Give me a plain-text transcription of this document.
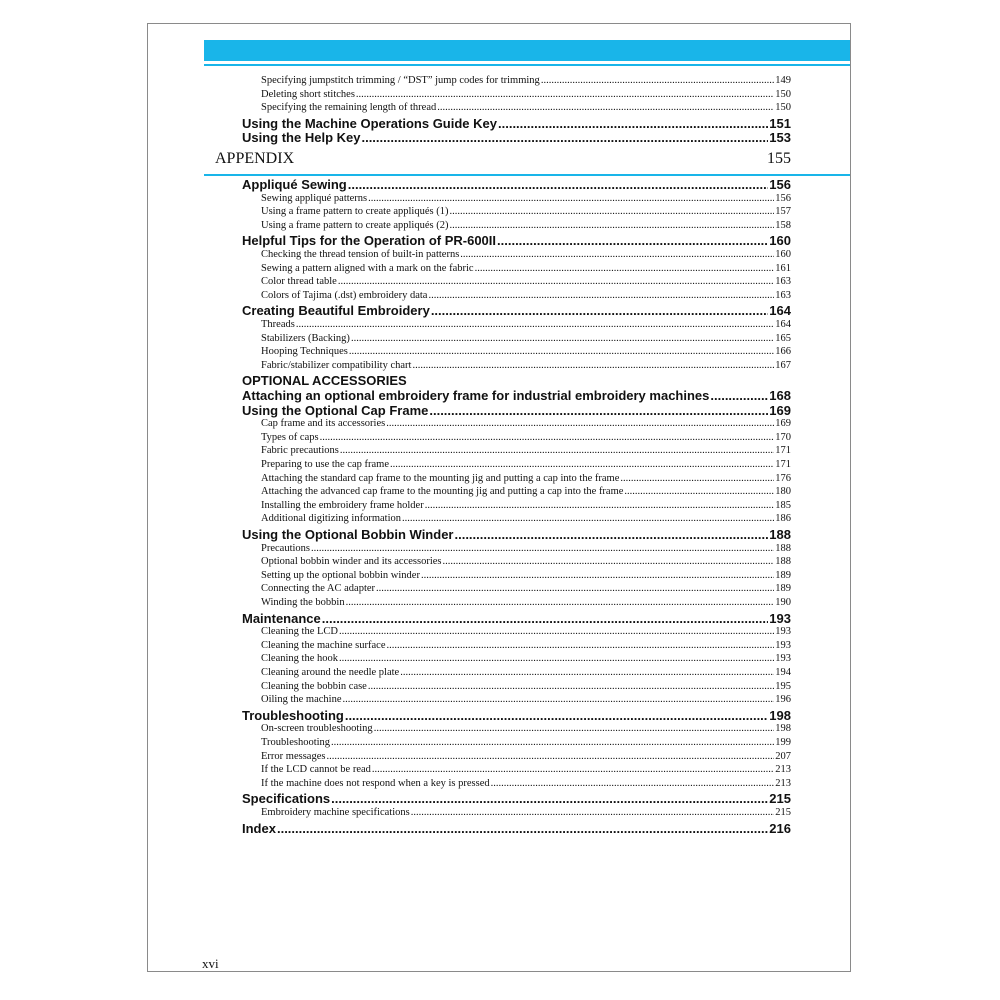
Specifying jumpstitch trimming / “DST” jump codes for trimming .....	149
Deleting short stitches .....	150
Specifying the remaining length of thread .....	150
Using the Machine Operations Guide Key .....	151
Using the Help Key .....	153
APPENDIX	155
Appliqué Sewing .....	156
Sewing appliqué patterns .....	156
Using a frame pattern to create appliqués (1) .....	157
Using a frame pattern to create appliqués (2) .....	158
Helpful Tips for the Operation of PR-600II .....	160
Checking the thread tension of built-in patterns .....	160
Sewing a pattern aligned with a mark on the fabric .....	161
Color thread table .....	163
Colors of Tajima (.dst) embroidery data .....	163
Creating Beautiful Embroidery .....	164
Threads .....	164
Stabilizers (Backing) .....	165
Hooping Techniques .....	166
Fabric/stabilizer compatibility chart .....	167
OPTIONAL ACCESSORIES
Attaching an optional embroidery frame for industrial embroidery machines .....	168
Using the Optional Cap Frame .....	169
Cap frame and its accessories .....	169
Types of caps .....	170
Fabric precautions .....	171
Preparing to use the cap frame .....	171
Attaching the standard cap frame to the mounting jig and putting a cap into the frame .....	176
Attaching the advanced cap frame to the mounting jig and putting a cap into the frame .....	180
Installing the embroidery frame holder .....	185
Additional digitizing information .....	186
Using the Optional Bobbin Winder .....	188
Precautions .....	188
Optional bobbin winder and its accessories .....	188
Setting up the optional bobbin winder .....	189
Connecting the AC adapter .....	189
Winding the bobbin .....	190
Maintenance .....	193
Cleaning the LCD .....	193
Cleaning the machine surface .....	193
Cleaning the hook .....	193
Cleaning around the needle plate .....	194
Cleaning the bobbin case .....	195
Oiling the machine .....	196
Troubleshooting .....	198
On-screen troubleshooting .....	198
Troubleshooting .....	199
Error messages .....	207
If the LCD cannot be read .....	213
If the machine does not respond when a key is pressed .....	213
Specifications .....	215
Embroidery machine specifications .....	215
Index .....	216
xvi
